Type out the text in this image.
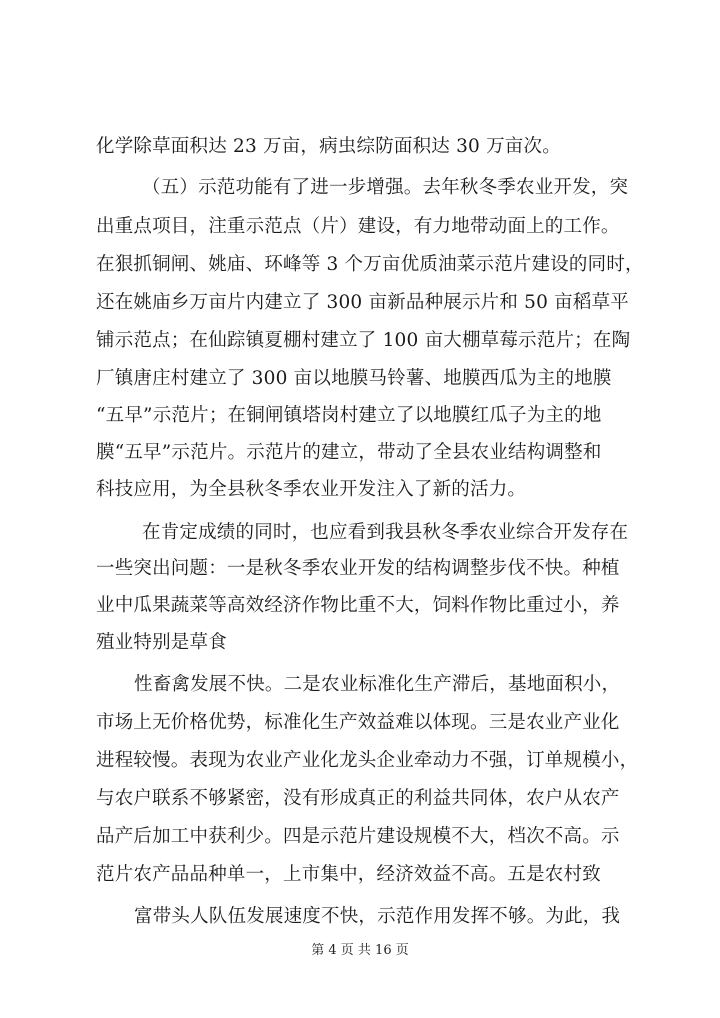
化学除草面积达 23 万亩，病虫综防面积达 30 万亩次。
（五）示范功能有了进一步增强。去年秋冬季农业开发，突
出重点项目，注重示范点（片）建设，有力地带动面上的工作。
在狠抓铜闸、姚庙、环峰等 3 个万亩优质油菜示范片建设的同时，
还在姚庙乡万亩片内建立了 300 亩新品种展示片和 50 亩稻草平
铺示范点；在仙踪镇夏棚村建立了 100 亩大棚草莓示范片；在陶
厂镇唐庄村建立了 300 亩以地膜马铃薯、地膜西瓜为主的地膜
“五早”示范片；在铜闸镇塔岗村建立了以地膜红瓜子为主的地
膜“五早”示范片。示范片的建立，带动了全县农业结构调整和
科技应用，为全县秋冬季农业开发注入了新的活力。
在肯定成绩的同时，也应看到我县秋冬季农业综合开发存在
一些突出问题：一是秋冬季农业开发的结构调整步伐不快。种植
业中瓜果蔬菜等高效经济作物比重不大，饲料作物比重过小，养
殖业特别是草食
性畜禽发展不快。二是农业标准化生产滞后，基地面积小，
市场上无价格优势，标准化生产效益难以体现。三是农业产业化
进程较慢。表现为农业产业化龙头企业牵动力不强，订单规模小，
与农户联系不够紧密，没有形成真正的利益共同体，农户从农产
品产后加工中获利少。四是示范片建设规模不大，档次不高。示
范片农产品品种单一，上市集中，经济效益不高。五是农村致
富带头人队伍发展速度不快，示范作用发挥不够。为此，我
第 4 页 共 16 页
